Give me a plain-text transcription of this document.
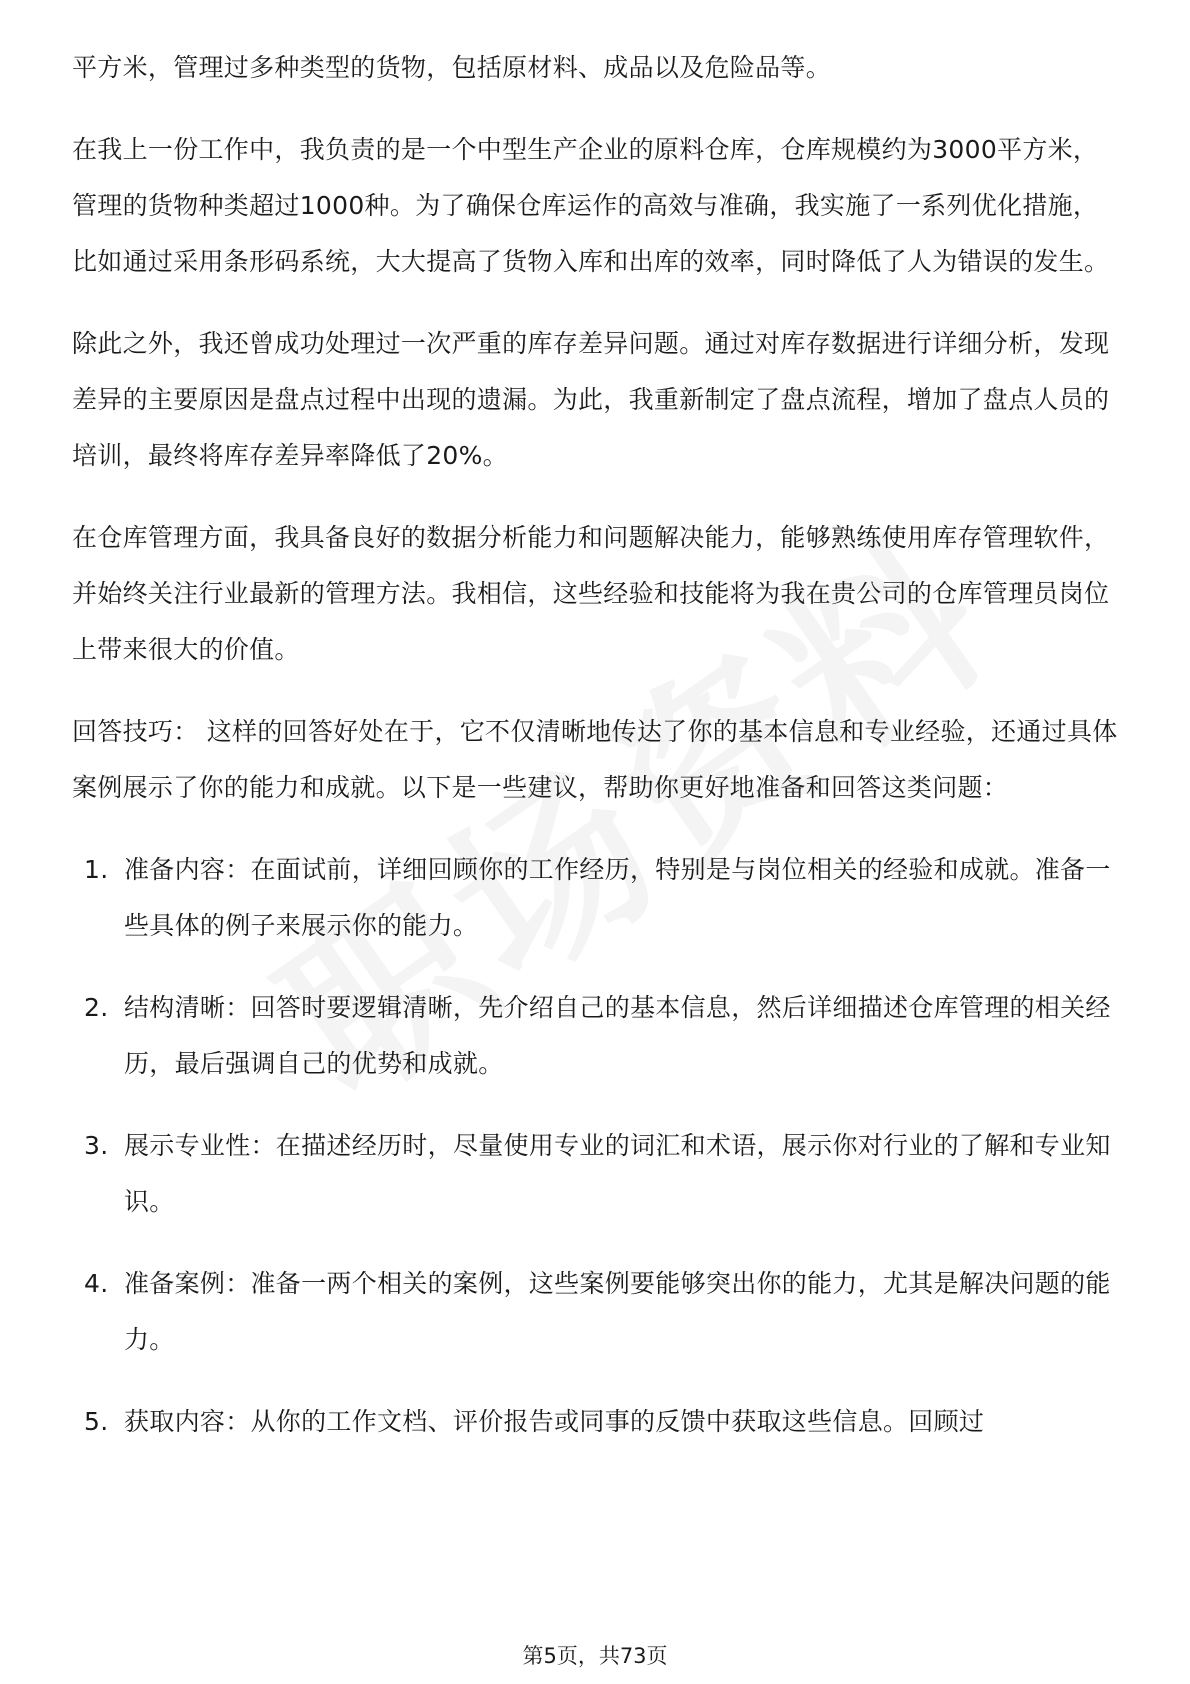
平方米，管理过多种类型的货物，包括原材料、成品以及危险品等。

在我上一份工作中，我负责的是一个中型生产企业的原料仓库，仓库规模约为3000平方米，管理的货物种类超过1000种。为了确保仓库运作的高效与准确，我实施了一系列优化措施，比如通过采用条形码系统，大大提高了货物入库和出库的效率，同时降低了人为错误的发生。

除此之外，我还曾成功处理过一次严重的库存差异问题。通过对库存数据进行详细分析，发现差异的主要原因是盘点过程中出现的遗漏。为此，我重新制定了盘点流程，增加了盘点人员的培训，最终将库存差异率降低了20%。

在仓库管理方面，我具备良好的数据分析能力和问题解决能力，能够熟练使用库存管理软件，并始终关注行业最新的管理方法。我相信，这些经验和技能将为我在贵公司的仓库管理员岗位上带来很大的价值。

回答技巧： 这样的回答好处在于，它不仅清晰地传达了你的基本信息和专业经验，还通过具体案例展示了你的能力和成就。以下是一些建议，帮助你更好地准备和回答这类问题：

1. 准备内容：在面试前，详细回顾你的工作经历，特别是与岗位相关的经验和成就。准备一些具体的例子来展示你的能力。
2. 结构清晰：回答时要逻辑清晰，先介绍自己的基本信息，然后详细描述仓库管理的相关经历，最后强调自己的优势和成就。
3. 展示专业性：在描述经历时，尽量使用专业的词汇和术语，展示你对行业的了解和专业知识。
4. 准备案例：准备一两个相关的案例，这些案例要能够突出你的能力，尤其是解决问题的能力。
5. 获取内容：从你的工作文档、评价报告或同事的反馈中获取这些信息。回顾过
第5页，共73页
